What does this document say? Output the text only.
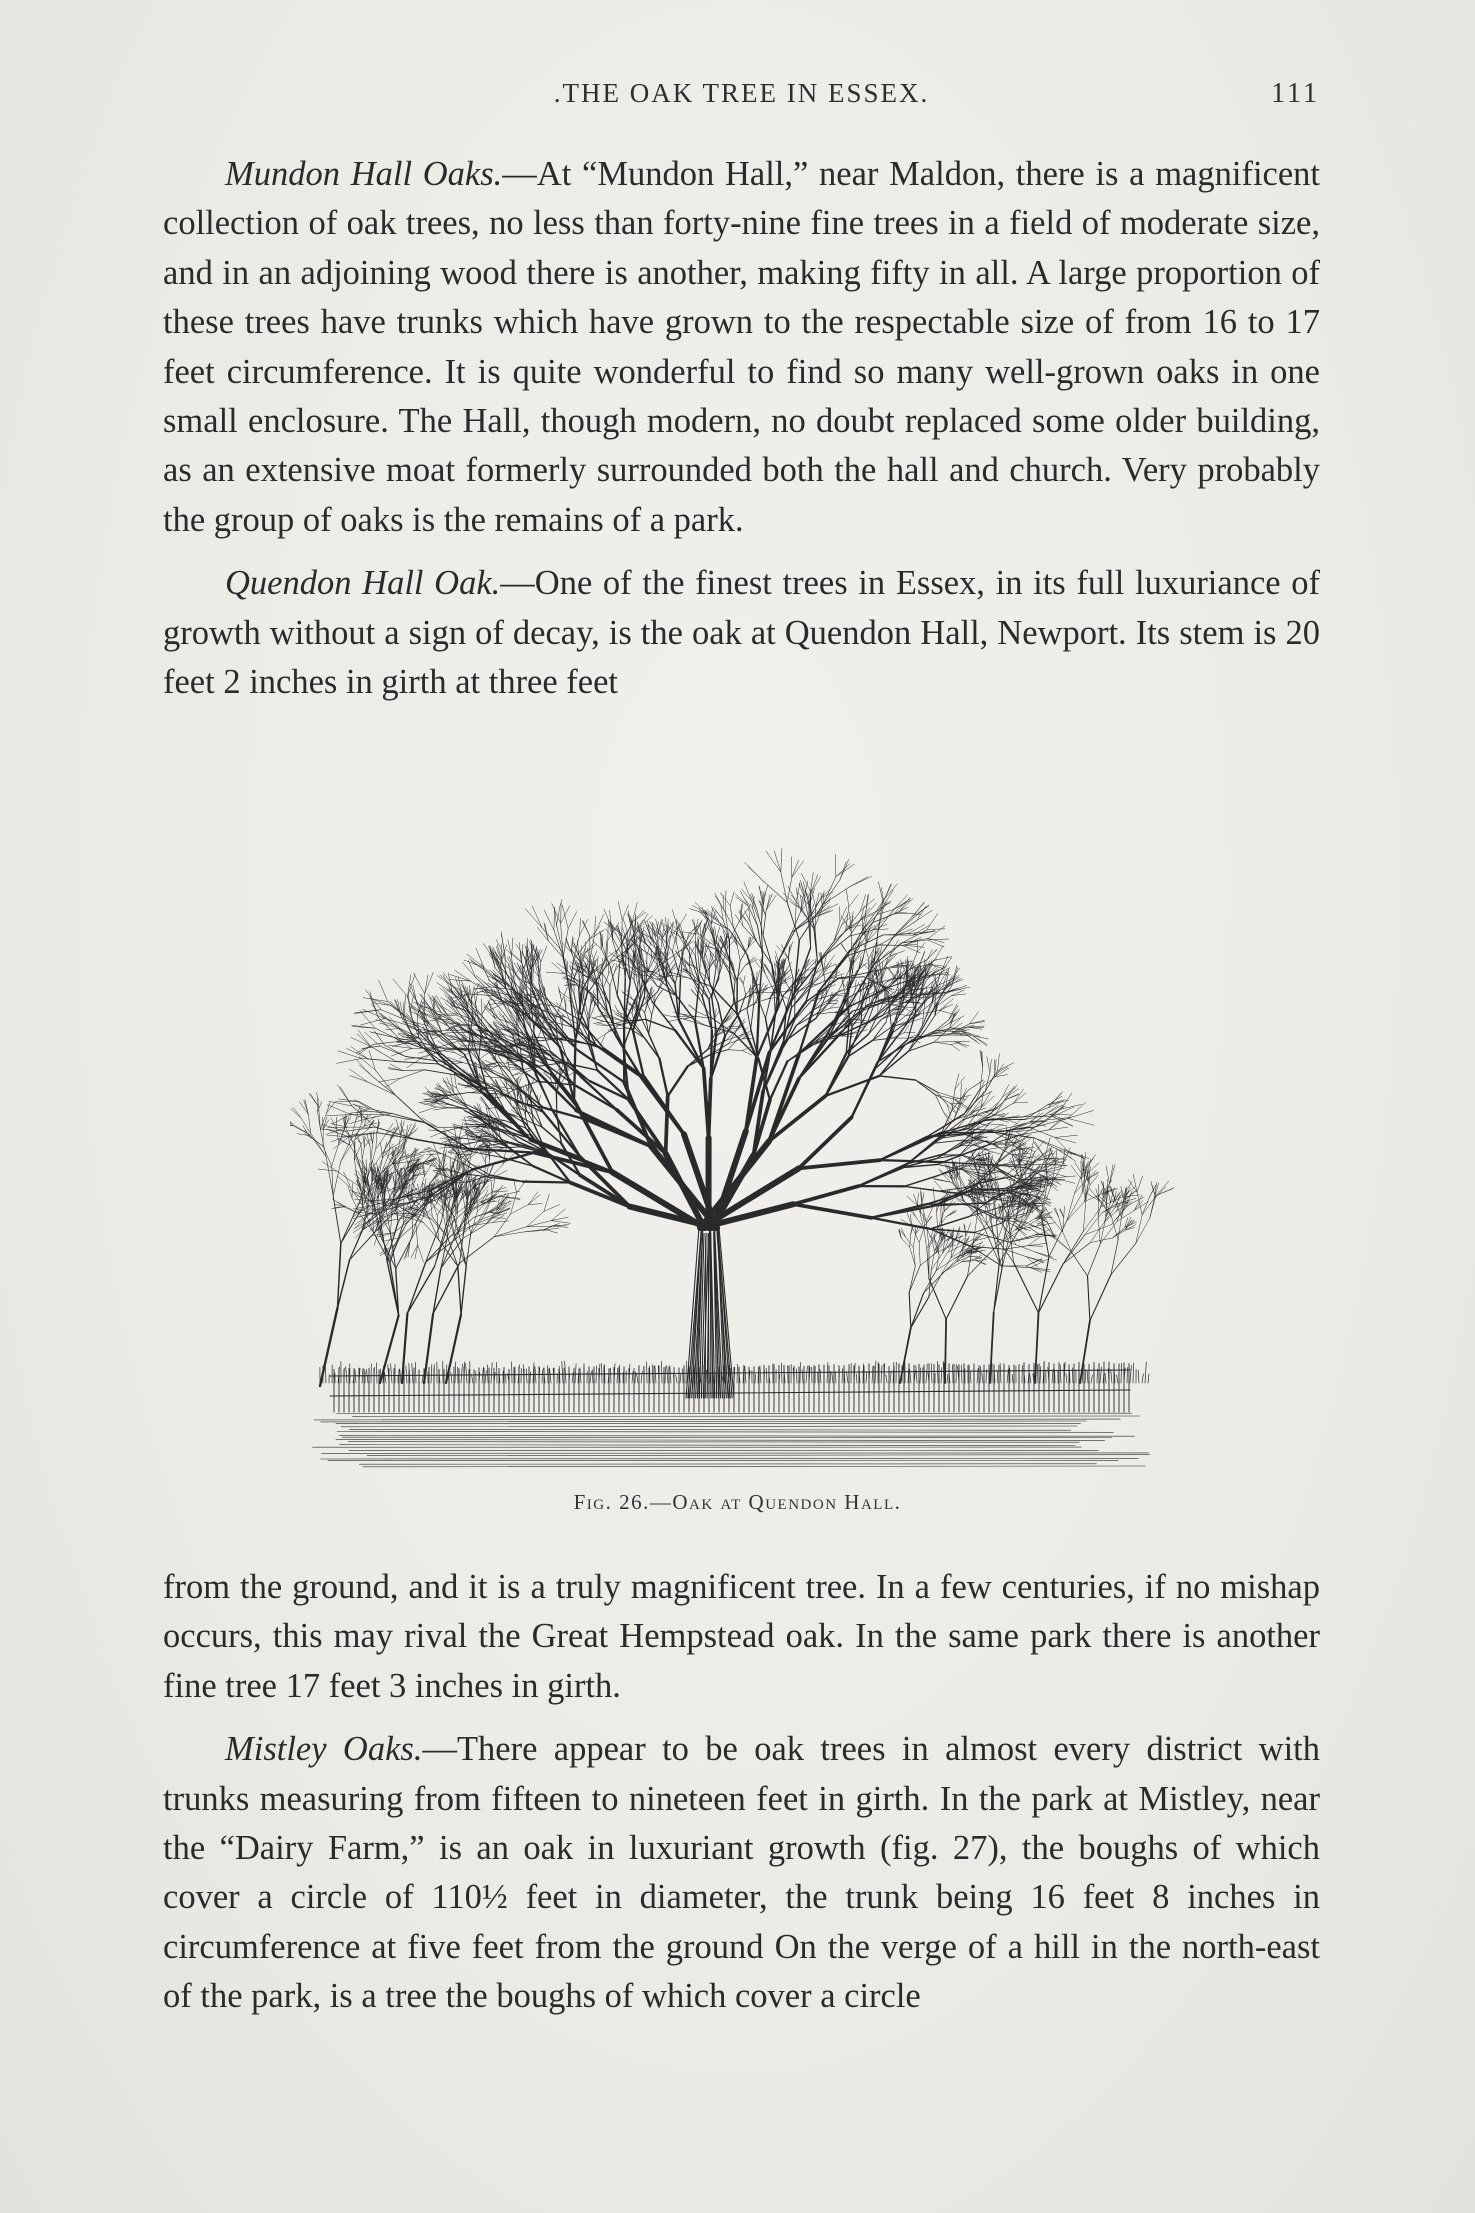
.THE OAK TREE IN ESSEX.	111

Mundon Hall Oaks.—At “Mundon Hall,” near Maldon, there is a magnificent collection of oak trees, no less than forty-nine fine trees in a field of moderate size, and in an adjoining wood there is another, making fifty in all. A large proportion of these trees have trunks which have grown to the respectable size of from 16 to 17 feet circumference. It is quite wonderful to find so many well-grown oaks in one small enclosure. The Hall, though modern, no doubt replaced some older building, as an extensive moat formerly surrounded both the hall and church. Very probably the group of oaks is the remains of a park.

Quendon Hall Oak.—One of the finest trees in Essex, in its full luxuriance of growth without a sign of decay, is the oak at Quendon Hall, Newport. Its stem is 20 feet 2 inches in girth at three feet

Fig. 26.—Oak at Quendon Hall.

from the ground, and it is a truly magnificent tree. In a few centuries, if no mishap occurs, this may rival the Great Hempstead oak. In the same park there is another fine tree 17 feet 3 inches in girth.

Mistley Oaks.—There appear to be oak trees in almost every district with trunks measuring from fifteen to nineteen feet in girth. In the park at Mistley, near the “Dairy Farm,” is an oak in luxuriant growth (fig. 27), the boughs of which cover a circle of 110½ feet in diameter, the trunk being 16 feet 8 inches in circumference at five feet from the ground On the verge of a hill in the north-east of the park, is a tree the boughs of which cover a circle
